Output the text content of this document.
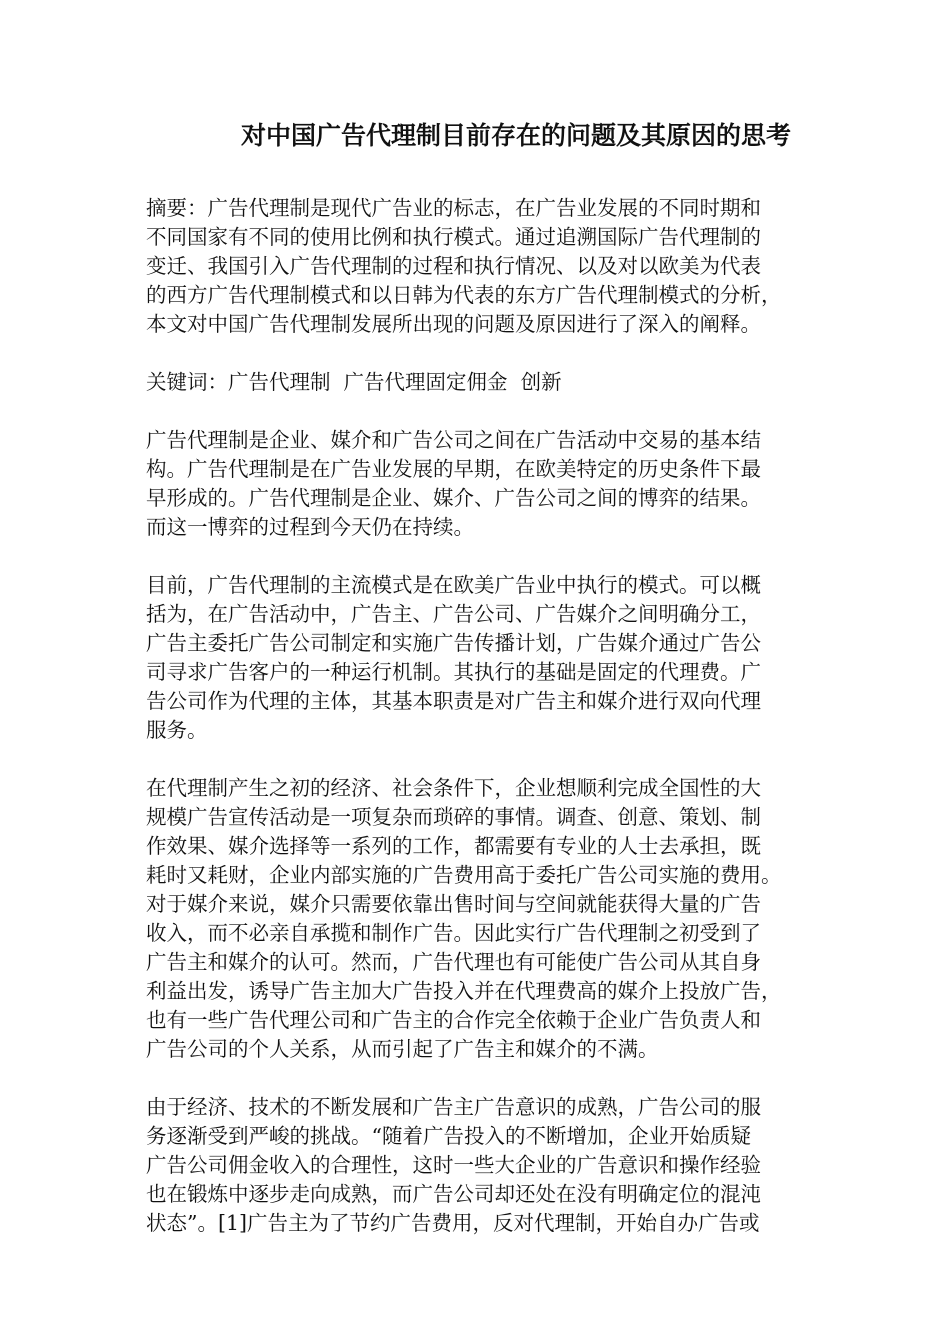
对中国广告代理制目前存在的问题及其原因的思考
摘要：广告代理制是现代广告业的标志，在广告业发展的不同时期和
不同国家有不同的使用比例和执行模式。通过追溯国际广告代理制的
变迁、我国引入广告代理制的过程和执行情况、以及对以欧美为代表
的西方广告代理制模式和以日韩为代表的东方广告代理制模式的分析，
本文对中国广告代理制发展所出现的问题及原因进行了深入的阐释。
关键词：广告代理制  广告代理固定佣金  创新
广告代理制是企业、媒介和广告公司之间在广告活动中交易的基本结
构。广告代理制是在广告业发展的早期，在欧美特定的历史条件下最
早形成的。广告代理制是企业、媒介、广告公司之间的博弈的结果。
而这一博弈的过程到今天仍在持续。
目前，广告代理制的主流模式是在欧美广告业中执行的模式。可以概
括为，在广告活动中，广告主、广告公司、广告媒介之间明确分工，
广告主委托广告公司制定和实施广告传播计划，广告媒介通过广告公
司寻求广告客户的一种运行机制。其执行的基础是固定的代理费。广
告公司作为代理的主体，其基本职责是对广告主和媒介进行双向代理
服务。
在代理制产生之初的经济、社会条件下，企业想顺利完成全国性的大
规模广告宣传活动是一项复杂而琐碎的事情。调查、创意、策划、制
作效果、媒介选择等一系列的工作，都需要有专业的人士去承担，既
耗时又耗财，企业内部实施的广告费用高于委托广告公司实施的费用。
对于媒介来说，媒介只需要依靠出售时间与空间就能获得大量的广告
收入，而不必亲自承揽和制作广告。因此实行广告代理制之初受到了
广告主和媒介的认可。然而，广告代理也有可能使广告公司从其自身
利益出发，诱导广告主加大广告投入并在代理费高的媒介上投放广告，
也有一些广告代理公司和广告主的合作完全依赖于企业广告负责人和
广告公司的个人关系，从而引起了广告主和媒介的不满。
由于经济、技术的不断发展和广告主广告意识的成熟，广告公司的服
务逐渐受到严峻的挑战。“随着广告投入的不断增加，企业开始质疑
广告公司佣金收入的合理性，这时一些大企业的广告意识和操作经验
也在锻炼中逐步走向成熟，而广告公司却还处在没有明确定位的混沌
状态”。[1]广告主为了节约广告费用，反对代理制，开始自办广告或
